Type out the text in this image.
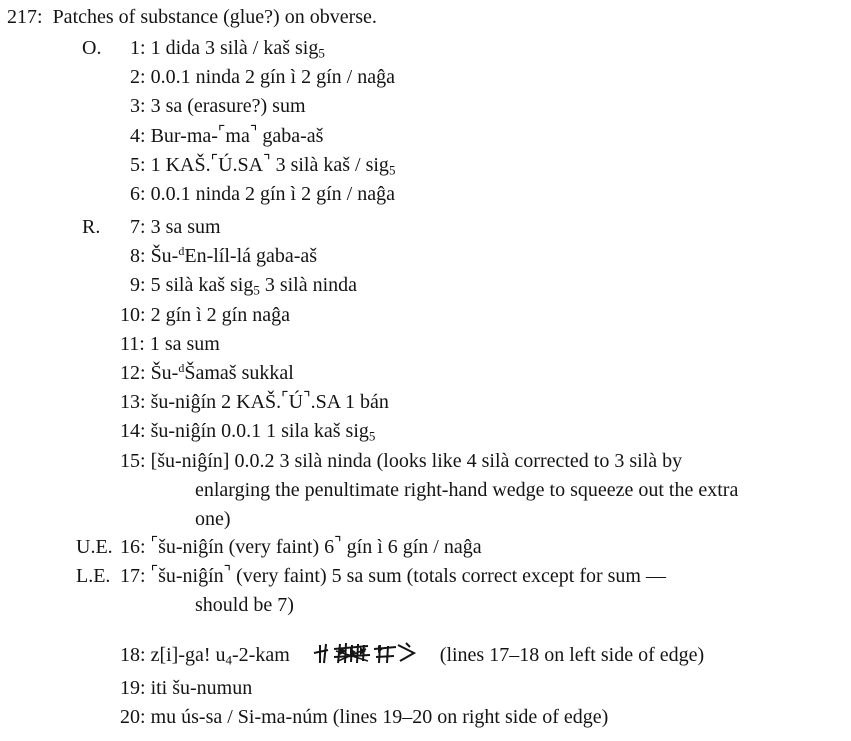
217: Patches of substance (glue?) on obverse.
O.
R.
U.E.
L.E.
1: 1 dida 3 silà / kaš sig$_5$
2: 0.0.1 ninda 2 gín ì 2 gín / naĝa
3: 3 sa (erasure?) sum
4: Bur-ma-⌜ma⌝ gaba-aš
5: 1 KAŠ.⌜Ú.SA⌝ 3 silà kaš / sig$_5$
6: 0.0.1 ninda 2 gín ì 2 gín / naĝa
7: 3 sa sum
8: Šu-$^d$En-líl-lá gaba-aš
9: 5 silà kaš sig$_5$ 3 silà ninda
10: 2 gín ì 2 gín naĝa
11: 1 sa sum
12: Šu-$^d$Šamaš sukkal
13: šu-niĝín 2 KAŠ.⌜Ú⌝.SA 1 bán
14: šu-niĝín 0.0.1 1 sila kaš sig$_5$
15: [šu-niĝín] 0.0.2 3 silà ninda (looks like 4 silà corrected to 3 silà by
enlarging the penultimate right-hand wedge to squeeze out the extra
one)
16: ⌜šu-niĝín (very faint) 6⌝ gín ì 6 gín / naĝa
17: ⌜šu-niĝín⌝ (very faint) 5 sa sum (totals correct except for sum —
should be 7)
18: z[i]-ga! $u_4-2$-kam	(lines 17–18 on left side of edge)
19: iti šu-numun
20: mu ús-sa / Si-ma-núm (lines 19–20 on right side of edge)
